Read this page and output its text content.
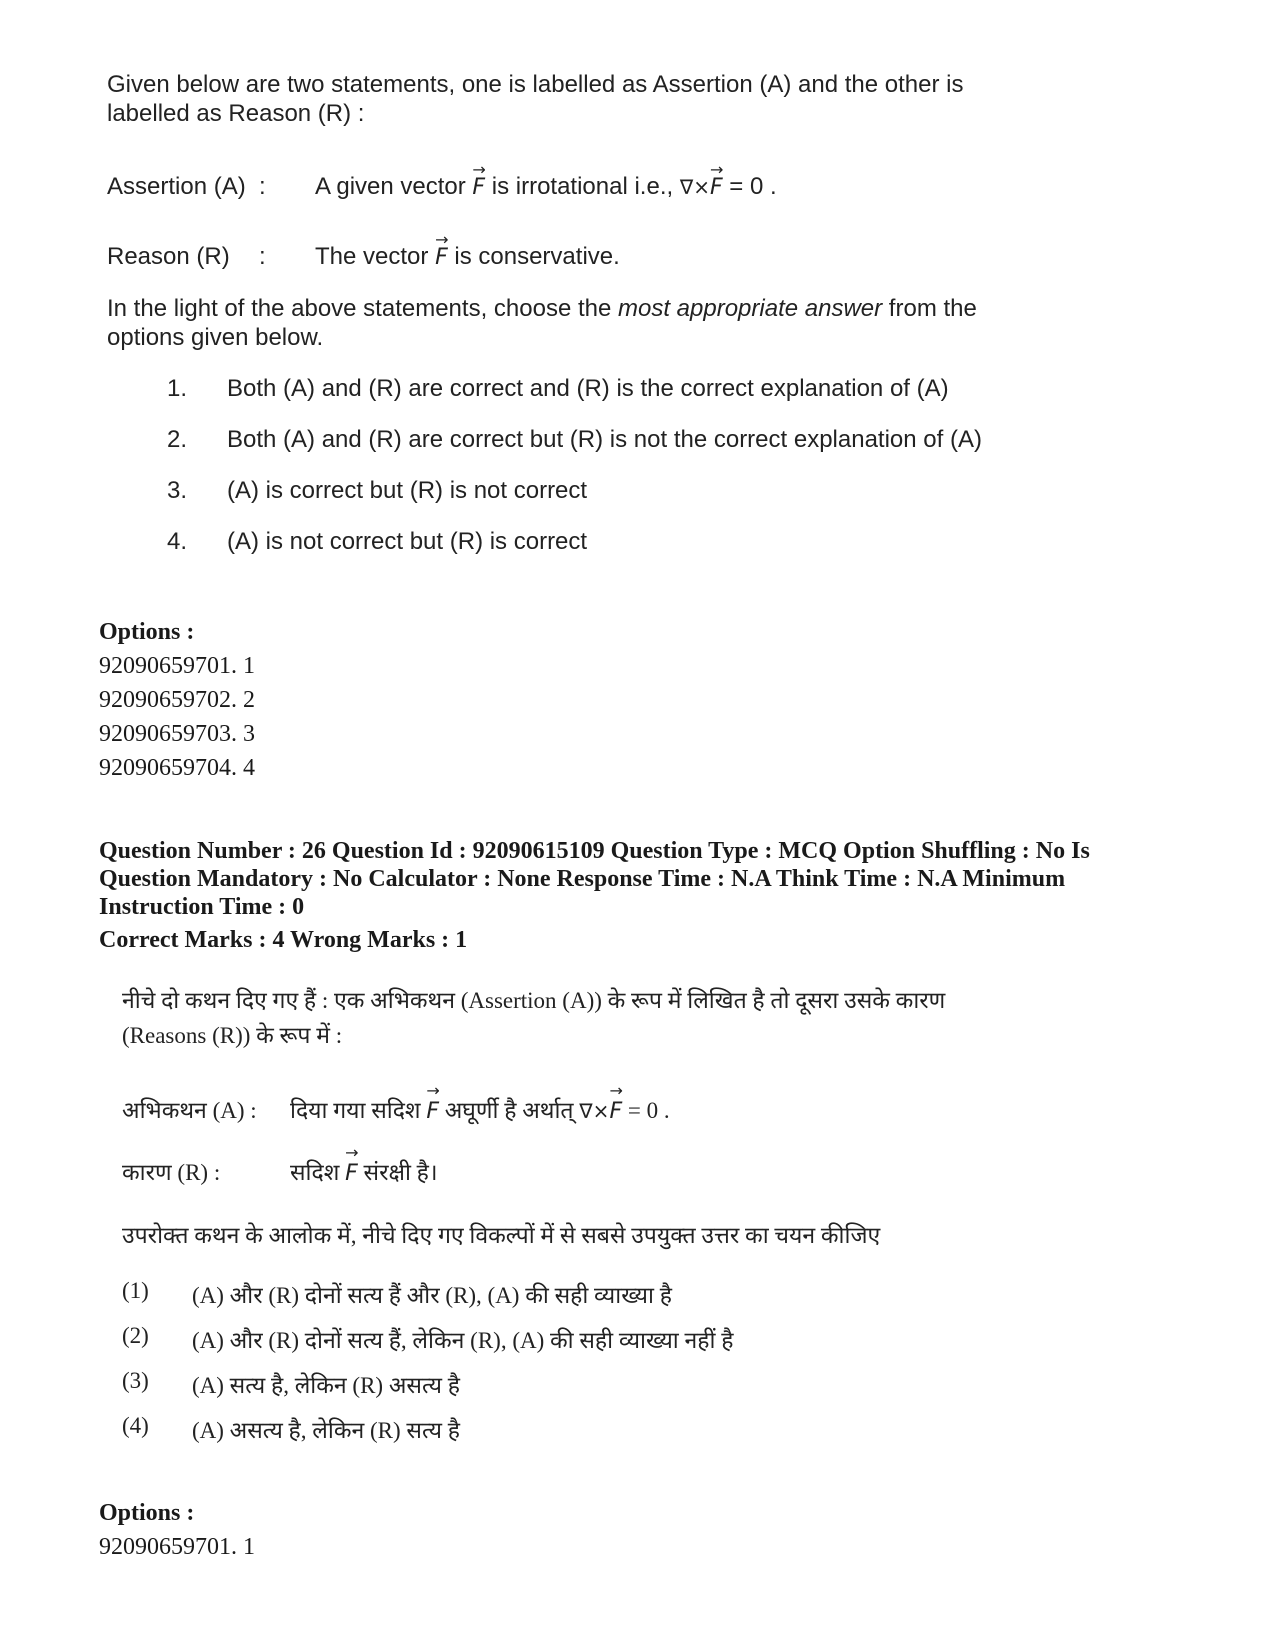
Given below are two statements, one is labelled as Assertion (A) and the other is labelled as Reason (R) :

Assertion (A) : A given vector → F is irrotational i.e., ∇×→ F = 0 .
Reason (R) : The vector → F is conservative.

In the light of the above statements, choose the most appropriate answer from the options given below.

1. Both (A) and (R) are correct and (R) is the correct explanation of (A)
2. Both (A) and (R) are correct but (R) is not the correct explanation of (A)
3. (A) is correct but (R) is not correct
4. (A) is not correct but (R) is correct
Options :
92090659701. 1
92090659702. 2
92090659703. 3
92090659704. 4
Question Number : 26 Question Id : 92090615109 Question Type : MCQ Option Shuffling : No Is Question Mandatory : No Calculator : None Response Time : N.A Think Time : N.A Minimum Instruction Time : 0
Correct Marks : 4 Wrong Marks : 1
नीचे दो कथन दिए गए हैं : एक अभिकथन (Assertion (A)) के रूप में लिखित है तो दूसरा उसके कारण
(Reasons (R)) के रूप में :
अभिकथन (A) : दिया गया सदिश → F अघूर्णी है अर्थात् ∇×→ F = 0 .
कारण (R) :	सदिश → F संरक्षी है।
उपरोक्त कथन के आलोक में, नीचे दिए गए विकल्पों में से सबसे उपयुक्त उत्तर का चयन कीजिए
(1) (A) और (R) दोनों सत्य हैं और (R), (A) की सही व्याख्या है
(2) (A) और (R) दोनों सत्य हैं, लेकिन (R), (A) की सही व्याख्या नहीं है
(3) (A) सत्य है, लेकिन (R) असत्य है
(4) (A) असत्य है, लेकिन (R) सत्य है
Options :
92090659701. 1
